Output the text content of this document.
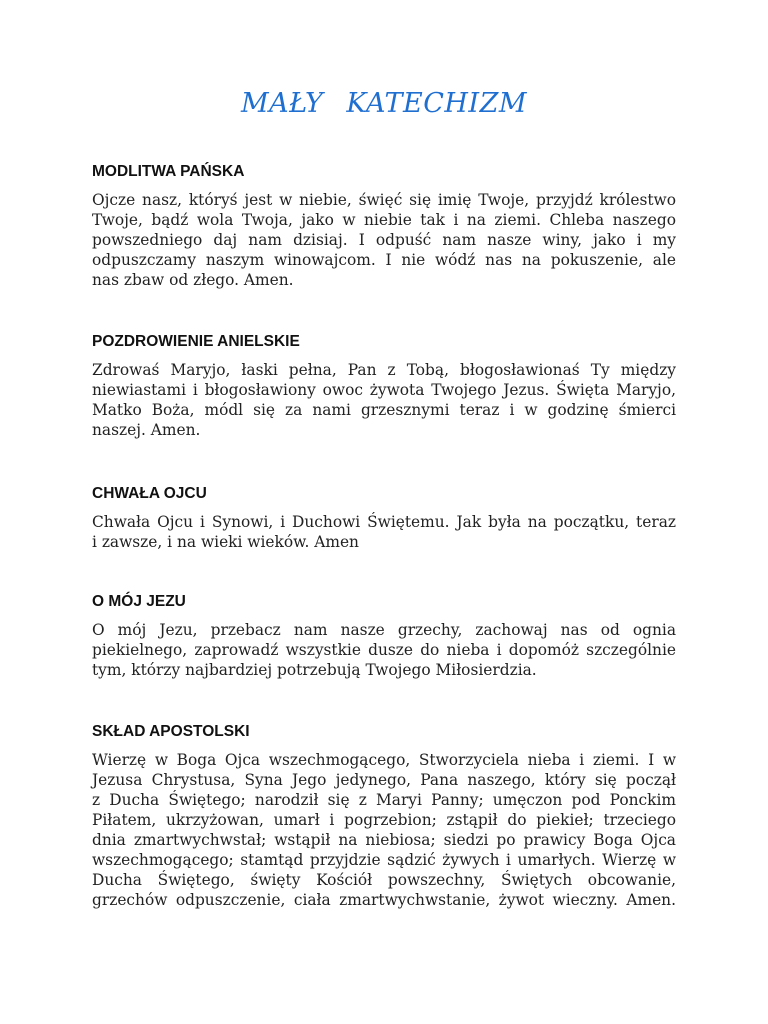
MAŁY KATECHIZM
MODLITWA PAŃSKA

Ojcze nasz, któryś jest w niebie, święć się imię Twoje, przyjdź królestwo
Twoje, bądź wola Twoja, jako w niebie tak i na ziemi. Chleba naszego
powszedniego daj nam dzisiaj. I odpuść nam nasze winy, jako i my
odpuszczamy naszym winowajcom. I nie wódź nas na pokuszenie, ale
nas zbaw od złego. Amen.

POZDROWIENIE ANIELSKIE

Zdrowaś Maryjo, łaski pełna, Pan z Tobą, błogosławionaś Ty między
niewiastami i błogosławiony owoc żywota Twojego Jezus. Święta Maryjo,
Matko Boża, módl się za nami grzesznymi teraz i w godzinę śmierci
naszej. Amen.

CHWAŁA OJCU

Chwała Ojcu i Synowi, i Duchowi Świętemu. Jak była na początku, teraz
i zawsze, i na wieki wieków. Amen

O MÓJ JEZU

O mój Jezu, przebacz nam nasze grzechy, zachowaj nas od ognia
piekielnego, zaprowadź wszystkie dusze do nieba i dopomóż szczególnie
tym, którzy najbardziej potrzebują Twojego Miłosierdzia.

SKŁAD APOSTOLSKI

Wierzę w Boga Ojca wszechmogącego, Stworzyciela nieba i ziemi. I w
Jezusa Chrystusa, Syna Jego jedynego, Pana naszego, który się począł
z Ducha Świętego; narodził się z Maryi Panny; umęczon pod Ponckim
Piłatem, ukrzyżowan, umarł i pogrzebion; zstąpił do piekieł; trzeciego
dnia zmartwychwstał; wstąpił na niebiosa; siedzi po prawicy Boga Ojca
wszechmogącego; stamtąd przyjdzie sądzić żywych i umarłych. Wierzę w
Ducha Świętego, święty Kościół powszechny, Świętych obcowanie,
grzechów odpuszczenie, ciała zmartwychwstanie, żywot wieczny. Amen.
